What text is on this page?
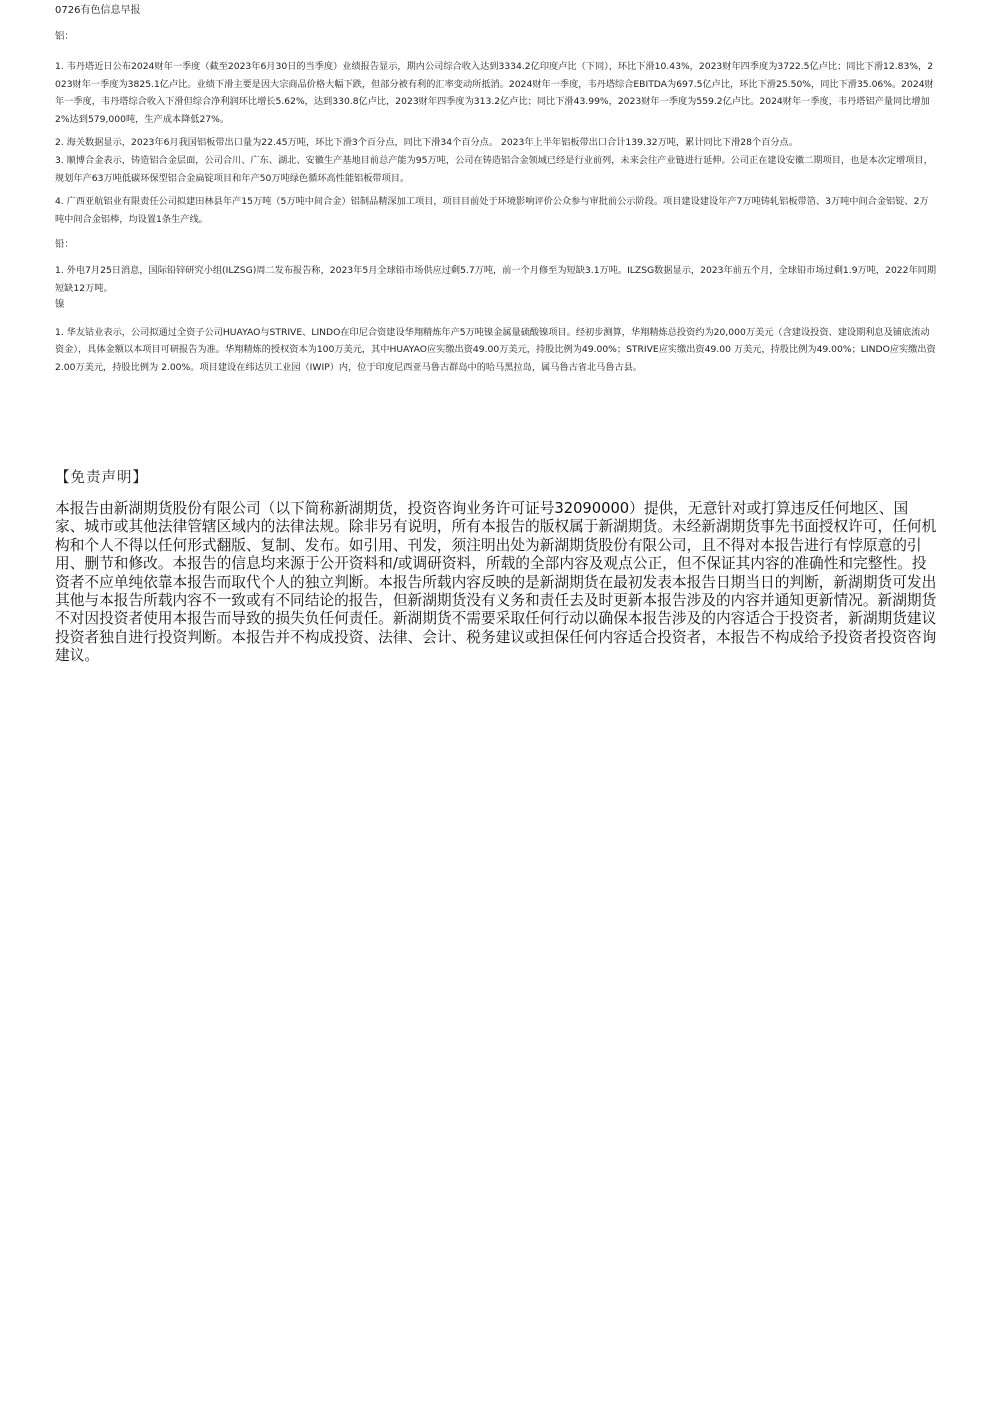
0726有色信息早报

铝：

1. 韦丹塔近日公布2024财年一季度（截至2023年6月30日的当季度）业绩报告显示，期内公司综合收入达到3334.2亿印度卢比（下同），环比下滑10.43%，2023财年四季度为3722.5亿卢比；同比下滑12.83%，2023财年一季度为3825.1亿卢比。业绩下滑主要是因大宗商品价格大幅下跌，但部分被有利的汇率变动所抵消。2024财年一季度，韦丹塔综合EBITDA为697.5亿卢比，环比下滑25.50%，同比下滑35.06%。2024财年一季度，韦丹塔综合收入下滑但综合净利润环比增长5.62%，达到330.8亿卢比，2023财年四季度为313.2亿卢比；同比下滑43.99%，2023财年一季度为559.2亿卢比。2024财年一季度，韦丹塔铝产量同比增加2%达到579,000吨，生产成本降低27%。

2. 海关数据显示，2023年6月我国铝板带出口量为22.45万吨，环比下滑3个百分点，同比下滑34个百分点。 2023年上半年铝板带出口合计139.32万吨，累计同比下滑28个百分点。

3. 顺博合金表示，铸造铝合金层面，公司合川、广东、湖北、安徽生产基地目前总产能为95万吨，公司在铸造铝合金领域已经是行业前列，未来会往产业链进行延伸。公司正在建设安徽二期项目，也是本次定增项目，规划年产63万吨低碳环保型铝合金扁锭项目和年产50万吨绿色循环高性能铝板带项目。

4. 广西亚航铝业有限责任公司拟建田林县年产15万吨（5万吨中间合金）铝制品精深加工项目，项目目前处于环境影响评价公众参与审批前公示阶段。项目建设建设年产7万吨铸轧铝板带箔、3万吨中间合金铝锭、2万吨中间合金铝棒，均设置1条生产线。

铅：

1. 外电7月25日消息，国际铅锌研究小组(ILZSG)周二发布报告称，2023年5月全球铅市场供应过剩5.7万吨，前一个月修至为短缺3.1万吨。ILZSG数据显示，2023年前五个月，全球铅市场过剩1.9万吨，2022年同期短缺12万吨。

镍

1. 华友钴业表示，公司拟通过全资子公司HUAYAO与STRIVE、LINDO在印尼合资建设华翔精炼年产5万吨镍金属量硫酸镍项目。经初步测算，华翔精炼总投资约为20,000万美元（含建设投资、建设期利息及铺底流动资金），具体金额以本项目可研报告为准。华翔精炼的授权资本为100万美元，其中HUAYAO应实缴出资49.00万美元，持股比例为49.00%；STRIVE应实缴出资49.00 万美元，持股比例为49.00%；LINDO应实缴出资2.00万美元，持股比例为 2.00%。项目建设在纬达贝工业园（IWIP）内，位于印度尼西亚马鲁古群岛中的哈马黑拉岛，属马鲁古省北马鲁古县。

【免责声明】

本报告由新湖期货股份有限公司（以下简称新湖期货，投资咨询业务许可证号32090000）提供，无意针对或打算违反任何地区、国家、城市或其他法律管辖区域内的法律法规。除非另有说明，所有本报告的版权属于新湖期货。未经新湖期货事先书面授权许可，任何机构和个人不得以任何形式翻版、复制、发布。如引用、刊发，须注明出处为新湖期货股份有限公司，且不得对本报告进行有悖原意的引用、删节和修改。本报告的信息均来源于公开资料和/或调研资料，所载的全部内容及观点公正，但不保证其内容的准确性和完整性。投资者不应单纯依靠本报告而取代个人的独立判断。本报告所载内容反映的是新湖期货在最初发表本报告日期当日的判断，新湖期货可发出其他与本报告所载内容不一致或有不同结论的报告，但新湖期货没有义务和责任去及时更新本报告涉及的内容并通知更新情况。新湖期货不对因投资者使用本报告而导致的损失负任何责任。新湖期货不需要采取任何行动以确保本报告涉及的内容适合于投资者，新湖期货建议投资者独自进行投资判断。本报告并不构成投资、法律、会计、税务建议或担保任何内容适合投资者，本报告不构成给予投资者投资咨询建议。
